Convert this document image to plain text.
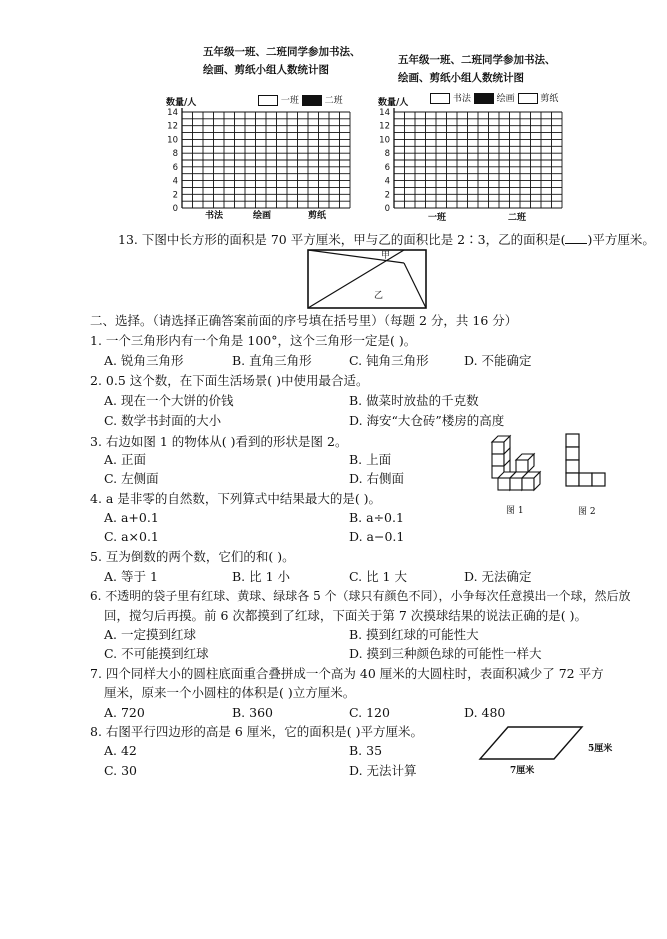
五年级一班、二班同学参加书法、
绘画、剪纸小组人数统计图
数量/人	一班	二班
0
2
4
6
8
10
12
14
书法	绘画	剪纸
五年级一班、二班同学参加书法、
绘画、剪纸小组人数统计图
数量/人	书法	绘画	剪纸
0
2
4
6
8
10
12
14
一班	二班
13. 下图中长方形的面积是 70 平方厘米，甲与乙的面积比是 2∶3，乙的面积是( )平方厘米。
甲
乙
二、选择。（请选择正确答案前面的序号填在括号里）（每题 2 分，共 16 分）
1. 一个三角形内有一个角是 100°，这个三角形一定是( )。
A. 锐角三角形	B. 直角三角形	C. 钝角三角形	D. 不能确定
2. 0.5 这个数，在下面生活场景( )中使用最合适。
A. 现在一个大饼的价钱	B. 做菜时放盐的千克数
C. 数学书封面的大小	D. 海安“大仓砖”楼房的高度
3. 右边如图 1 的物体从( )看到的形状是图 2。
A. 正面	B. 上面
C. 左侧面	D. 右侧面
图 1	图 2
4. a 是非零的自然数，下列算式中结果最大的是( )。
A. a+0.1	B. a÷0.1
C. a×0.1	D. a−0.1
5. 互为倒数的两个数，它们的和( )。
A. 等于 1	B. 比 1 小	C. 比 1 大	D. 无法确定
6. 不透明的袋子里有红球、黄球、绿球各 5 个（球只有颜色不同），小争每次任意摸出一个球，然后放
回，搅匀后再摸。前 6 次都摸到了红球，下面关于第 7 次摸球结果的说法正确的是( )。
A. 一定摸到红球	B. 摸到红球的可能性大
C. 不可能摸到红球	D. 摸到三种颜色球的可能性一样大
7. 四个同样大小的圆柱底面重合叠拼成一个高为 40 厘米的大圆柱时，表面积减少了 72 平方
厘米，原来一个小圆柱的体积是( )立方厘米。
A. 720	B. 360	C. 120	D. 480
8. 右图平行四边形的高是 6 厘米，它的面积是( )平方厘米。
A. 42	B. 35
C. 30	D. 无法计算
5厘米
7厘米
